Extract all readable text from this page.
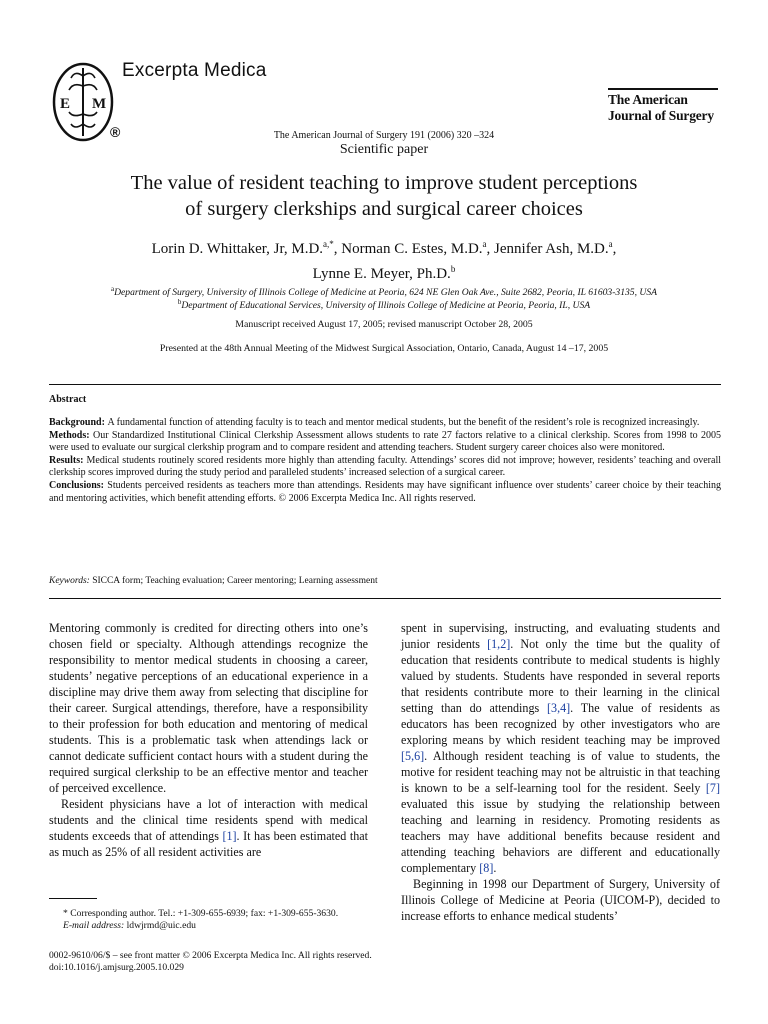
E M
Excerpta Medica
®
The American
Journal of Surgery
The American Journal of Surgery 191 (2006) 320 –324
Scientific paper
The value of resident teaching to improve student perceptions
of surgery clerkships and surgical career choices
Lorin D. Whittaker, Jr, M.D.$^{a,*}$, Norman C. Estes, M.D.$^a$, Jennifer Ash, M.D.$^a$,
Lynne E. Meyer, Ph.D.$^b$
$^a$Department of Surgery, University of Illinois College of Medicine at Peoria, 624 NE Glen Oak Ave., Suite 2682, Peoria, IL 61603-3135, USA
$^b$Department of Educational Services, University of Illinois College of Medicine at Peoria, Peoria, IL, USA
Manuscript received August 17, 2005; revised manuscript October 28, 2005
Presented at the 48th Annual Meeting of the Midwest Surgical Association, Ontario, Canada, August 14 –17, 2005
Abstract

Background: A fundamental function of attending faculty is to teach and mentor medical students, but the benefit of the resident’s role is recognized increasingly.

Methods: Our Standardized Institutional Clinical Clerkship Assessment allows students to rate 27 factors relative to a clinical clerkship. Scores from 1998 to 2005 were used to evaluate our surgical clerkship program and to compare resident and attending teachers. Student surgery career choices also were monitored.

Results: Medical students routinely scored residents more highly than attending faculty. Attendings’ scores did not improve; however, residents’ teaching and overall clerkship scores improved during the study period and paralleled students’ increased selection of a surgical career.

Conclusions: Students perceived residents as teachers more than attendings. Residents may have significant influence over students’ career choice by their teaching and mentoring activities, which benefit attending efforts. © 2006 Excerpta Medica Inc. All rights reserved.

Keywords: SICCA form; Teaching evaluation; Career mentoring; Learning assessment

Mentoring commonly is credited for directing others into one’s chosen field or specialty. Although attendings recognize the responsibility to mentor medical students in choosing a career, students’ negative perceptions of an educational experience in a discipline may drive them away from selecting that discipline for their career. Surgical attendings, therefore, have a responsibility to their profession for both education and mentoring of medical students. This is a problematic task when attendings lack or cannot dedicate sufficient contact hours with a student during the required surgical clerkship to be an effective mentor and teacher of perceived excellence.

Resident physicians have a lot of interaction with medical students and the clinical time residents spend with medical students exceeds that of attendings [1]. It has been estimated that as much as 25% of all resident activities are

spent in supervising, instructing, and evaluating students and junior residents [1,2]. Not only the time but the quality of education that residents contribute to medical students is highly valued by students. Students have responded in several reports that residents contribute more to their learning in the clinical setting than do attendings [3,4]. The value of residents as educators has been recognized by other investigators who are exploring means by which resident teaching may be improved [5,6]. Although resident teaching is of value to students, the motive for resident teaching may not be altruistic in that teaching is known to be a self-learning tool for the resident. Seely [7] evaluated this issue by studying the relationship between teaching and learning in residency. Promoting residents as teachers may have additional benefits because resident and attending teaching behaviors are different and educationally complementary [8].

Beginning in 1998 our Department of Surgery, University of Illinois College of Medicine at Peoria (UICOM-P), decided to increase efforts to enhance medical students’

* Corresponding author. Tel.: +1-309-655-6939; fax: +1-309-655-3630.

E-mail address: ldwjrmd@uic.edu

0002-9610/06/$ – see front matter © 2006 Excerpta Medica Inc. All rights reserved.
doi:10.1016/j.amjsurg.2005.10.029
